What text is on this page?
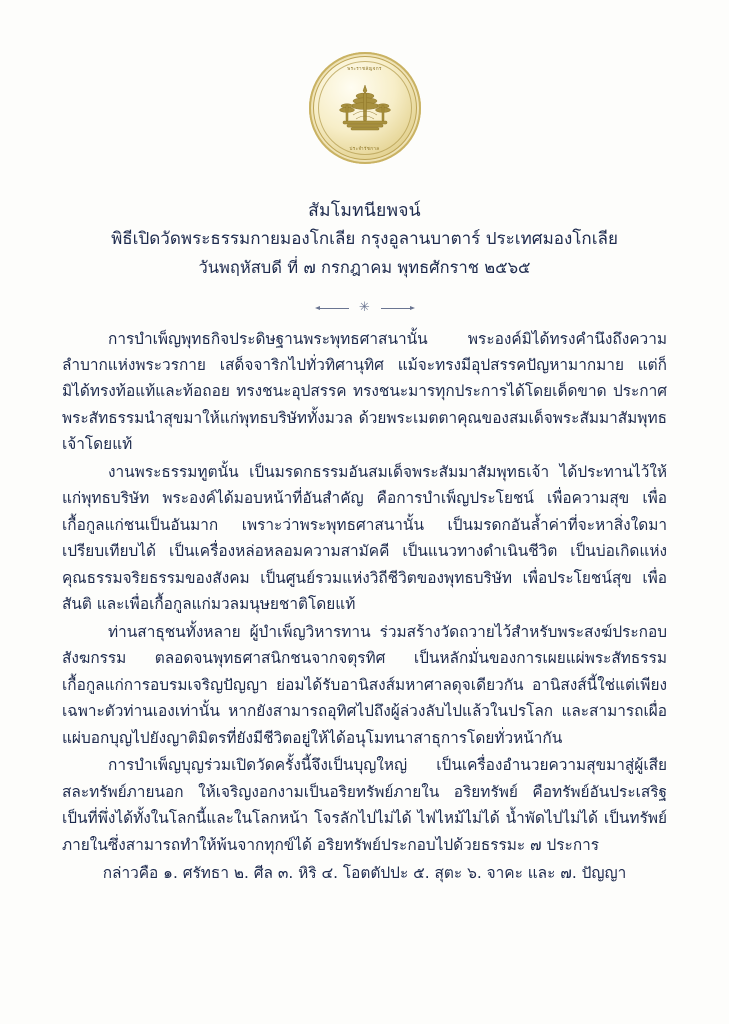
พระราชลัญจกร
ประจำรัชกาล
สัมโมทนียพจน์
พิธีเปิดวัดพระธรรมกายมองโกเลีย กรุงอูลานบาตาร์ ประเทศมองโกเลีย
วันพฤหัสบดี ที่ ๗ กรกฎาคม พุทธศักราช ๒๕๖๕
✳

การบำเพ็ญพุทธกิจประดิษฐานพระพุทธศาสนานั้น พระองค์มิได้ทรงคำนึงถึงความลำบากแห่งพระวรกาย เสด็จจาริกไปทั่วทิศานุทิศ แม้จะทรงมีอุปสรรคปัญหามากมาย แต่ก็มิได้ทรงท้อแท้และท้อถอย ทรงชนะอุปสรรค ทรงชนะมารทุกประการได้โดยเด็ดขาด ประกาศพระสัทธรรมนำสุขมาให้แก่พุทธบริษัททั้งมวล ด้วยพระเมตตาคุณของสมเด็จพระสัมมาสัมพุทธเจ้าโดยแท้

งานพระธรรมทูตนั้น เป็นมรดกธรรมอันสมเด็จพระสัมมาสัมพุทธเจ้า ได้ประทานไว้ให้แก่พุทธบริษัท พระองค์ได้มอบหน้าที่อันสำคัญ คือการบำเพ็ญประโยชน์ เพื่อความสุข เพื่อเกื้อกูลแก่ชนเป็นอันมาก เพราะว่าพระพุทธศาสนานั้น เป็นมรดกอันล้ำค่าที่จะหาสิ่งใดมาเปรียบเทียบได้ เป็นเครื่องหล่อหลอมความสามัคคี เป็นแนวทางดำเนินชีวิต เป็นบ่อเกิดแห่งคุณธรรมจริยธรรมของสังคม เป็นศูนย์รวมแห่งวิถีชีวิตของพุทธบริษัท เพื่อประโยชน์สุข เพื่อสันติ และเพื่อเกื้อกูลแก่มวลมนุษยชาติโดยแท้

ท่านสาธุชนทั้งหลาย ผู้บำเพ็ญวิหารทาน ร่วมสร้างวัดถวายไว้สำหรับพระสงฆ์ประกอบสังฆกรรม ตลอดจนพุทธศาสนิกชนจากจตุรทิศ เป็นหลักมั่นของการเผยแผ่พระสัทธรรม เกื้อกูลแก่การอบรมเจริญปัญญา ย่อมได้รับอานิสงส์มหาศาลดุจเดียวกัน อานิสงส์นี้ใช่แต่เพียงเฉพาะตัวท่านเองเท่านั้น หากยังสามารถอุทิศไปถึงผู้ล่วงลับไปแล้วในปรโลก และสามารถเผื่อแผ่บอกบุญไปยังญาติมิตรที่ยังมีชีวิตอยู่ให้ได้อนุโมทนาสาธุการโดยทั่วหน้ากัน

การบำเพ็ญบุญร่วมเปิดวัดครั้งนี้จึงเป็นบุญใหญ่ เป็นเครื่องอำนวยความสุขมาสู่ผู้เสียสละทรัพย์ภายนอก ให้เจริญงอกงามเป็นอริยทรัพย์ภายใน อริยทรัพย์ คือทรัพย์อันประเสริฐ เป็นที่พึ่งได้ทั้งในโลกนี้และในโลกหน้า โจรลักไปไม่ได้ ไฟไหม้ไม่ได้ น้ำพัดไปไม่ได้ เป็นทรัพย์ภายในซึ่งสามารถทำให้พ้นจากทุกข์ได้ อริยทรัพย์ประกอบไปด้วยธรรมะ ๗ ประการ

กล่าวคือ ๑. ศรัทธา ๒. ศีล ๓. หิริ ๔. โอตตัปปะ ๕. สุตะ ๖. จาคะ และ ๗. ปัญญา
